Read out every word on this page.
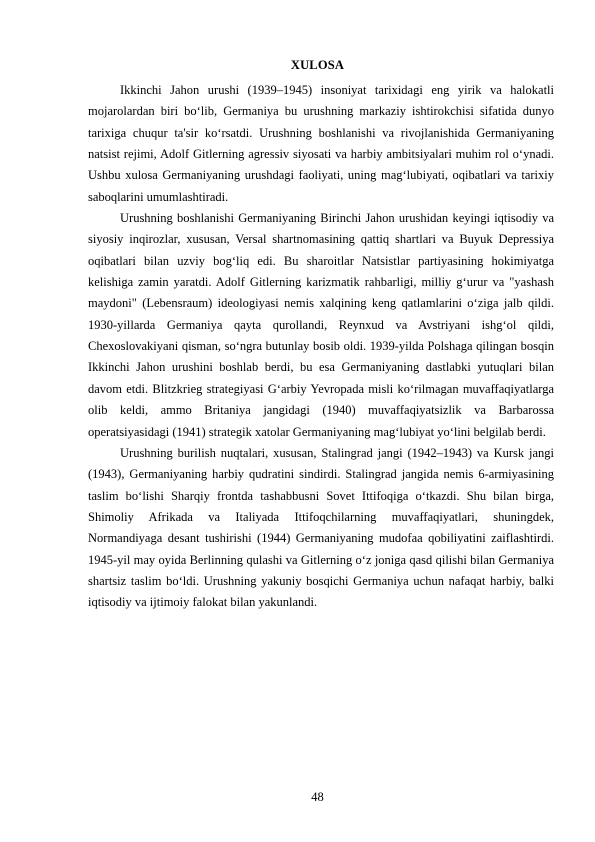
XULOSA

Ikkinchi Jahon urushi (1939–1945) insoniyat tarixidagi eng yirik va halokatli mojarolardan biri bo‘lib, Germaniya bu urushning markaziy ishtirokchisi sifatida dunyo tarixiga chuqur ta'sir ko‘rsatdi. Urushning boshlanishi va rivojlanishida Germaniyaning natsist rejimi, Adolf Gitlerning agressiv siyosati va harbiy ambitsiyalari muhim rol o‘ynadi. Ushbu xulosa Germaniyaning urushdagi faoliyati, uning mag‘lubiyati, oqibatlari va tarixiy saboqlarini umumlashtiradi.

Urushning boshlanishi Germaniyaning Birinchi Jahon urushidan keyingi iqtisodiy va siyosiy inqirozlar, xususan, Versal shartnomasining qattiq shartlari va Buyuk Depressiya oqibatlari bilan uzviy bog‘liq edi. Bu sharoitlar Natsistlar partiyasining hokimiyatga kelishiga zamin yaratdi. Adolf Gitlerning karizmatik rahbarligi, milliy g‘urur va "yashash maydoni" (Lebensraum) ideologiyasi nemis xalqining keng qatlamlarini o‘ziga jalb qildi. 1930-yillarda Germaniya qayta qurollandi, Reynxud va Avstriyani ishg‘ol qildi, Chexoslovakiyani qisman, so‘ngra butunlay bosib oldi. 1939-yilda Polshaga qilingan bosqin Ikkinchi Jahon urushini boshlab berdi, bu esa Germaniyaning dastlabki yutuqlari bilan davom etdi. Blitzkrieg strategiyasi G‘arbiy Yevropada misli ko‘rilmagan muvaffaqiyatlarga olib keldi, ammo Britaniya jangidagi (1940) muvaffaqiyatsizlik va Barbarossa operatsiyasidagi (1941) strategik xatolar Germaniyaning mag‘lubiyat yo‘lini belgilab berdi.

Urushning burilish nuqtalari, xususan, Stalingrad jangi (1942–1943) va Kursk jangi (1943), Germaniyaning harbiy qudratini sindirdi. Stalingrad jangida nemis 6-armiyasining taslim bo‘lishi Sharqiy frontda tashabbusni Sovet Ittifoqiga o‘tkazdi. Shu bilan birga, Shimoliy Afrikada va Italiyada Ittifoqchilarning muvaffaqiyatlari, shuningdek, Normandiyaga desant tushirishi (1944) Germaniyaning mudofaa qobiliyatini zaiflashtirdi. 1945-yil may oyida Berlinning qulashi va Gitlerning o‘z joniga qasd qilishi bilan Germaniya shartsiz taslim bo‘ldi. Urushning yakuniy bosqichi Germaniya uchun nafaqat harbiy, balki iqtisodiy va ijtimoiy falokat bilan yakunlandi.

48
